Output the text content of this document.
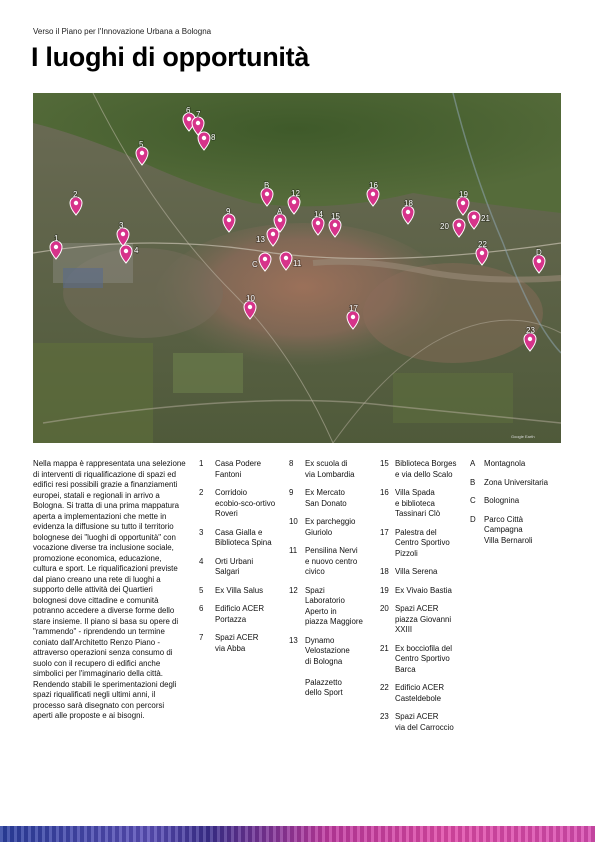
Verso il Piano per l'Innovazione Urbana a Bologna
I luoghi di opportunità
Google Earth
1
2
3
4
5
6 7
8
B
9
12
A
13
C	11
14 15
16
18
19
21
20
22
D
10
17
23

Nella mappa è rappresentata una selezione di interventi di riqualificazione di spazi ed edifici resi possibili grazie a finanziamenti europei, statali e regionali in arrivo a Bologna. Si tratta di una prima mappatura aperta a implementazioni che mette in evidenza la diffusione su tutto il territorio bolognese dei "luoghi di opportunità" con vocazione diverse tra inclusione sociale, promozione economica, educazione, cultura e sport. Le riqualificazioni previste dal piano creano una rete di luoghi a supporto delle attività dei Quartieri bolognesi dove cittadine e comunità potranno accedere a diverse forme dello stare insieme. Il piano si basa su opere di "rammendo" - riprendendo un termine coniato dall'Architetto Renzo Piano - attraverso operazioni senza consumo di suolo con il recupero di edifici anche simbolici per l'immaginario della città. Rendendo stabili le sperimentazioni degli spazi riqualificati negli ultimi anni, il processo sarà disegnato con percorsi aperti alle proposte e ai bisogni.

1	Casa Podere
Fantoni
2	Corridoio
ecobio-sco-ortivo
Roveri
3	Casa Gialla e
Biblioteca Spina
4	Orti Urbani
Salgari
5	Ex Villa Salus
6	Edificio ACER
Portazza
7	Spazi ACER
via Abba
8	Ex scuola di
via Lombardia
9	Ex Mercato
San Donato
10 Ex parcheggio
Giuriolo
11 Pensilina Nervi
e nuovo centro
civico
12 Spazi
Laboratorio
Aperto in
piazza Maggiore
13 Dynamo
Velostazione
di Bologna

Palazzetto
dello Sport
15 Biblioteca Borges
e via dello Scalo
16 Villa Spada
e biblioteca
Tassinari Clò
17 Palestra del
Centro Sportivo
Pizzoli
18 Villa Serena
19 Ex Vivaio Bastia
20 Spazi ACER
piazza Giovanni
XXIII
21 Ex bocciofila del
Centro Sportivo
Barca
22 Edificio ACER
Casteldebole
23 Spazi ACER
via del Carroccio
A	Montagnola
B	Zona Universitaria
C	Bolognina
D	Parco Città
Campagna
Villa Bernaroli
